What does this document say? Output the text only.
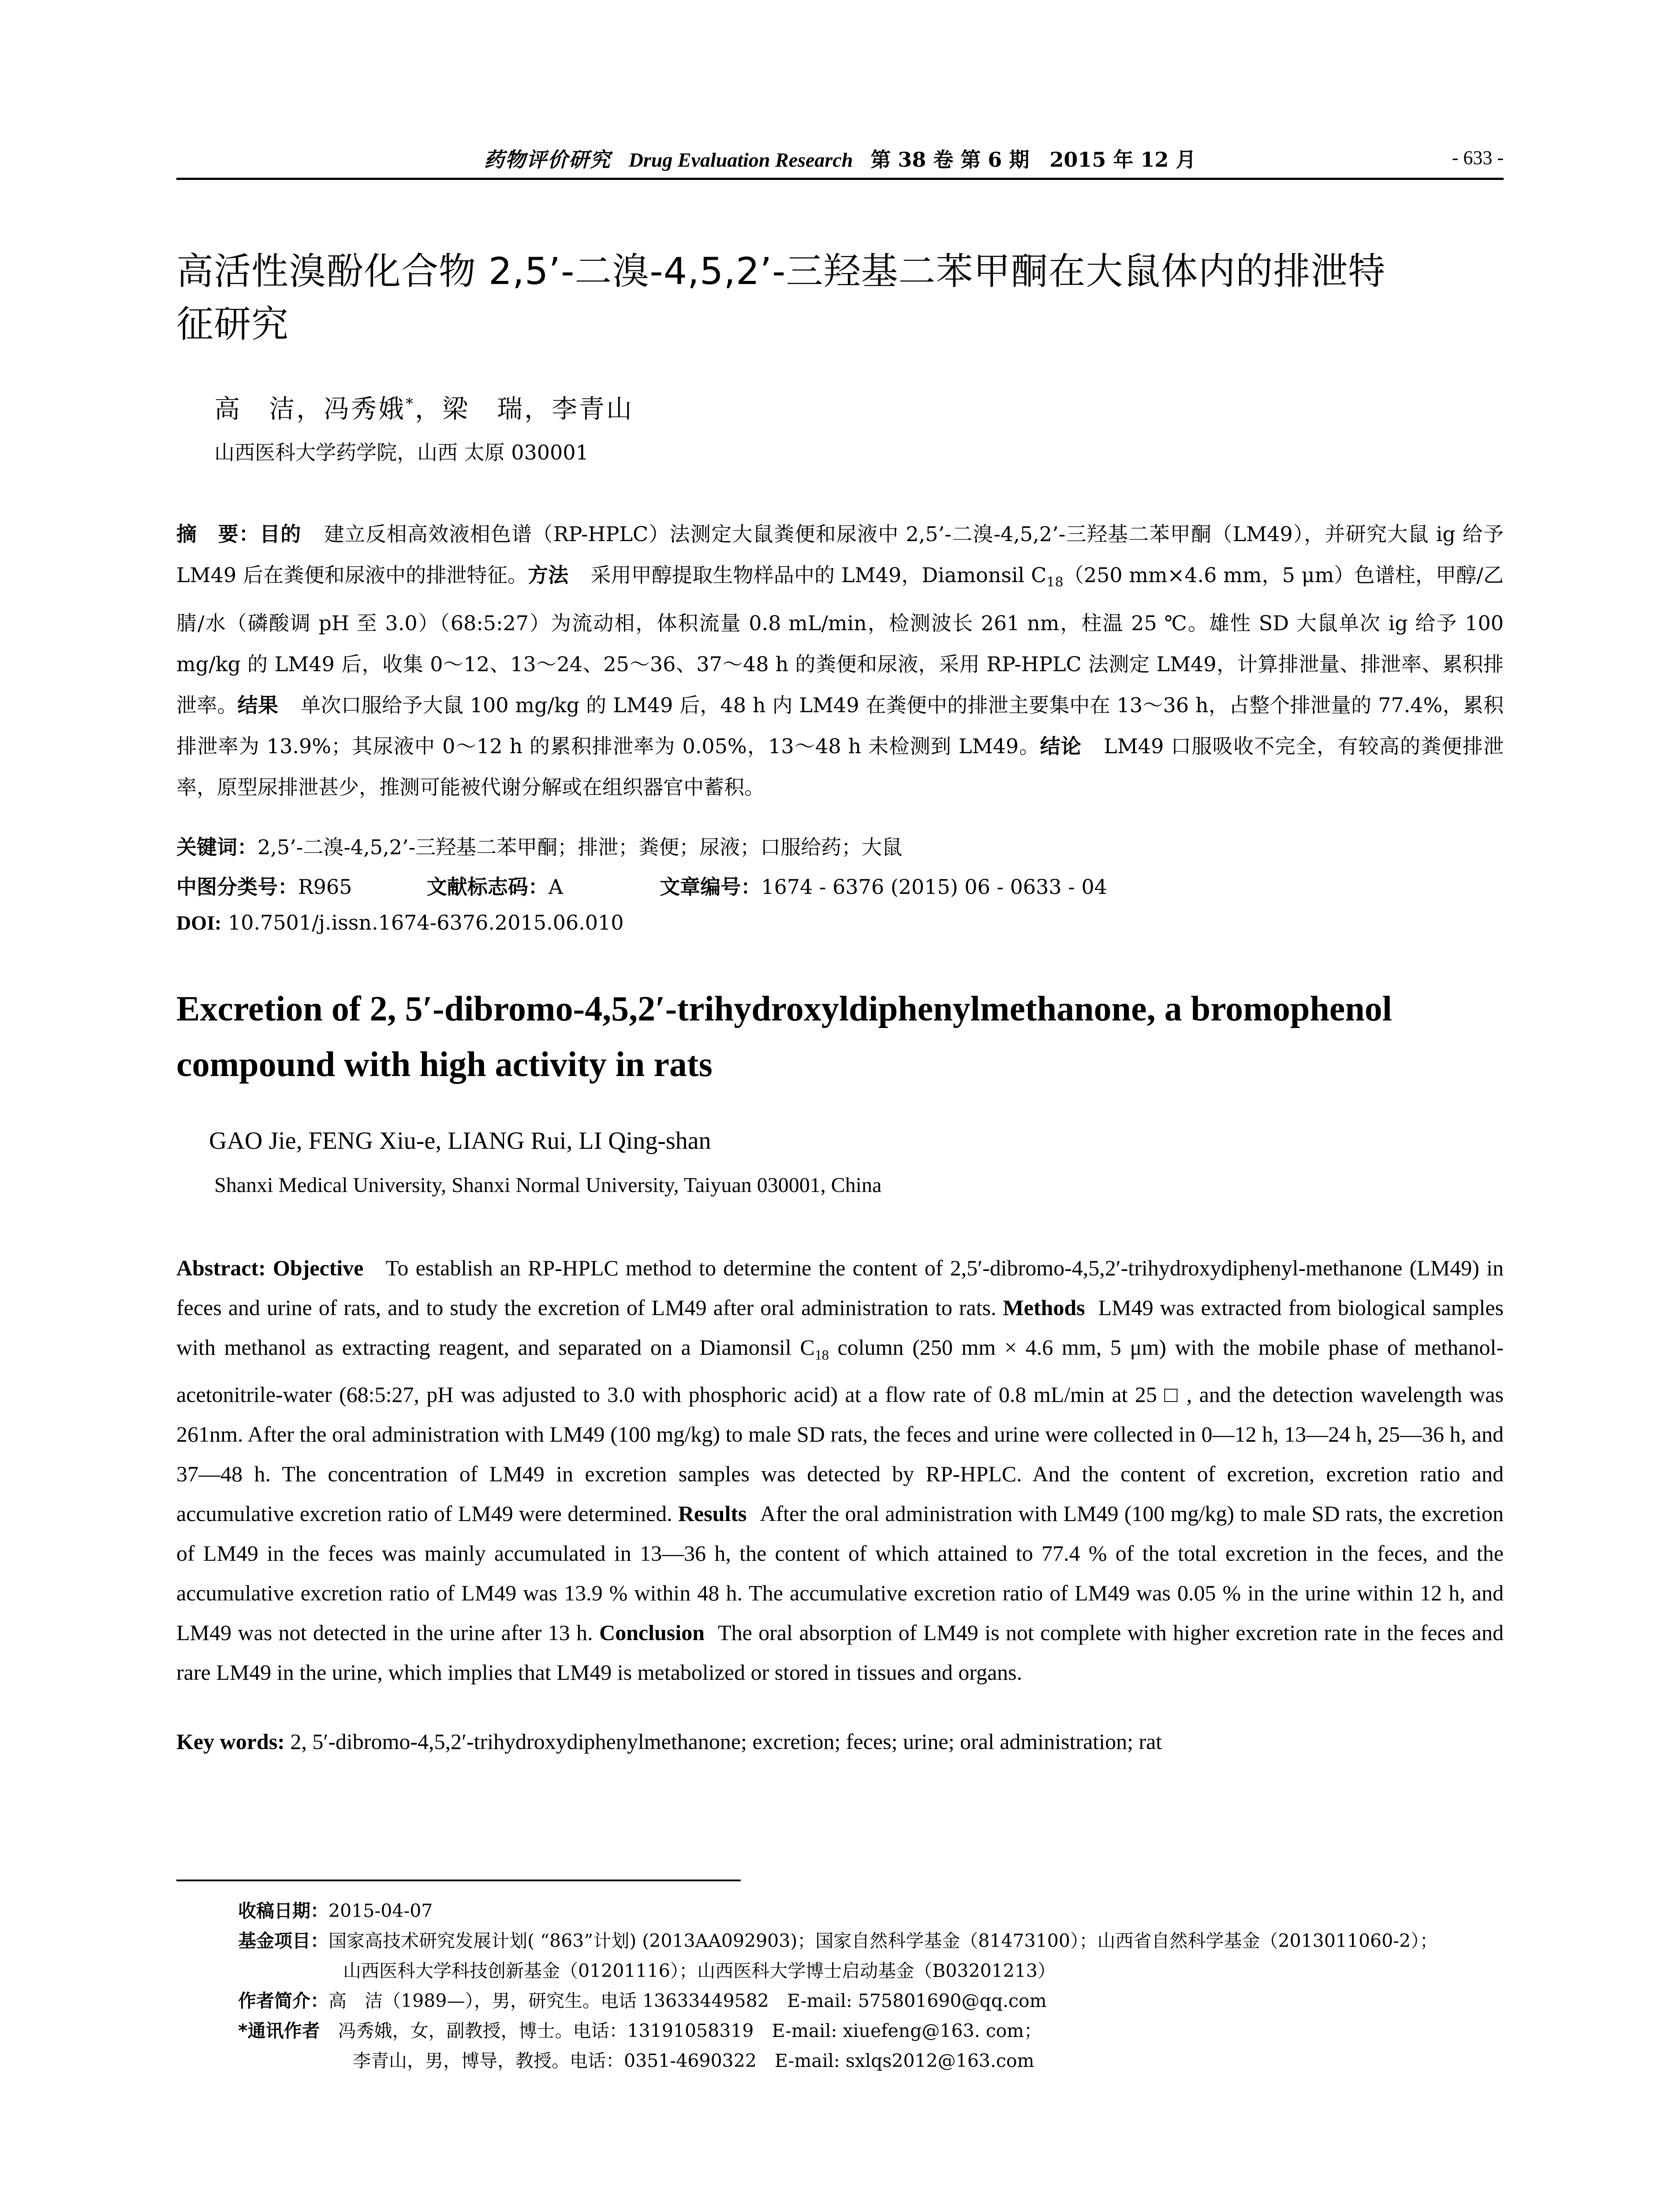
药物评价研究 Drug Evaluation Research 第 38 卷 第 6 期　2015 年 12 月	- 633 -
高活性溴酚化合物 2,5’-二溴-4,5,2’-三羟基二苯甲酮在大鼠体内的排泄特
征研究
高　洁，冯秀娥*，梁　瑞，李青山
山西医科大学药学院，山西 太原 030001
摘　要：目的 建立反相高效液相色谱（RP-HPLC）法测定大鼠粪便和尿液中 2,5’-二溴-4,5,2’-三羟基二苯甲酮（LM49），并研究大鼠 ig 给予 LM49 后在粪便和尿液中的排泄特征。方法 采用甲醇提取生物样品中的 LM49，Diamonsil $C_{18}(250$ mm×4.6 mm，5 μm）色谱柱，甲醇/乙腈/水（磷酸调 pH 至 3.0）（68:5:27）为流动相，体积流量 0.8 mL/min，检测波长 261 nm，柱温 25 ℃。雄性 SD 大鼠单次 ig 给予 100 mg/kg 的 LM49 后，收集 0～12、13～24、25～36、37～48 h 的粪便和尿液，采用 RP-HPLC 法测定 LM49，计算排泄量、排泄率、累积排泄率。结果 单次口服给予大鼠 100 mg/kg 的 LM49 后，48 h 内 LM49 在粪便中的排泄主要集中在 13～36 h，占整个排泄量的 77.4%，累积排泄率为 13.9%；其尿液中 0～12 h 的累积排泄率为 0.05%，13～48 h 未检测到 LM49。结论 LM49 口服吸收不完全，有较高的粪便排泄率，原型尿排泄甚少，推测可能被代谢分解或在组织器官中蓄积。
关键词：2,5’-二溴-4,5,2’-三羟基二苯甲酮；排泄；粪便；尿液；口服给药；大鼠
中图分类号：R965	文献标志码：A	文章编号：1674 - 6376 (2015) 06 - 0633 - 04
DOI: 10.7501/j.issn.1674-6376.2015.06.010
Excretion of 2, 5′-dibromo-4,5,2′-trihydroxyldiphenylmethanone, a bromophenol compound with high activity in rats
GAO Jie, FENG Xiu-e, LIANG Rui, LI Qing-shan
Shanxi Medical University, Shanxi Normal University, Taiyuan 030001, China
Abstract: Objective To establish an RP-HPLC method to determine the content of 2,5′-dibromo-4,5,2′-trihydroxydiphenyl-methanone (LM49) in feces and urine of rats, and to study the excretion of LM49 after oral administration to rats. Methods LM49 was extracted from biological samples with methanol as extracting reagent, and separated on a Diamonsil $C_{18}$ column (250 mm × 4.6 mm, 5 μm) with the mobile phase of methanol-acetonitrile-water (68:5:27, pH was adjusted to 3.0 with phosphoric acid) at a flow rate of 0.8 mL/min at 25 □ , and the detection wavelength was 261nm. After the oral administration with LM49 (100 mg/kg) to male SD rats, the feces and urine were collected in 0—12 h, 13—24 h, 25—36 h, and 37—48 h. The concentration of LM49 in excretion samples was detected by RP-HPLC. And the content of excretion, excretion ratio and accumulative excretion ratio of LM49 were determined. Results After the oral administration with LM49 (100 mg/kg) to male SD rats, the excretion of LM49 in the feces was mainly accumulated in 13—36 h, the content of which attained to 77.4 % of the total excretion in the feces, and the accumulative excretion ratio of LM49 was 13.9 % within 48 h. The accumulative excretion ratio of LM49 was 0.05 % in the urine within 12 h, and LM49 was not detected in the urine after 13 h. Conclusion The oral absorption of LM49 is not complete with higher excretion rate in the feces and rare LM49 in the urine, which implies that LM49 is metabolized or stored in tissues and organs.
Key words: 2, 5′-dibromo-4,5,2′-trihydroxydiphenylmethanone; excretion; feces; urine; oral administration; rat
收稿日期：2015-04-07
基金项目：国家高技术研究发展计划( “863”计划) (2013AA092903)；国家自然科学基金（81473100）；山西省自然科学基金（2013011060-2）；
山西医科大学科技创新基金（01201116）；山西医科大学博士启动基金（B03201213）
作者简介：高　洁（1989—），男，研究生。电话 13633449582　E-mail: 575801690@qq.com
*通讯作者　 冯秀娥，女，副教授，博士。电话：13191058319　E-mail: xiuefeng@163. com；
李青山，男，博导，教授。电话：0351-4690322　E-mail: sxlqs2012@163.com
